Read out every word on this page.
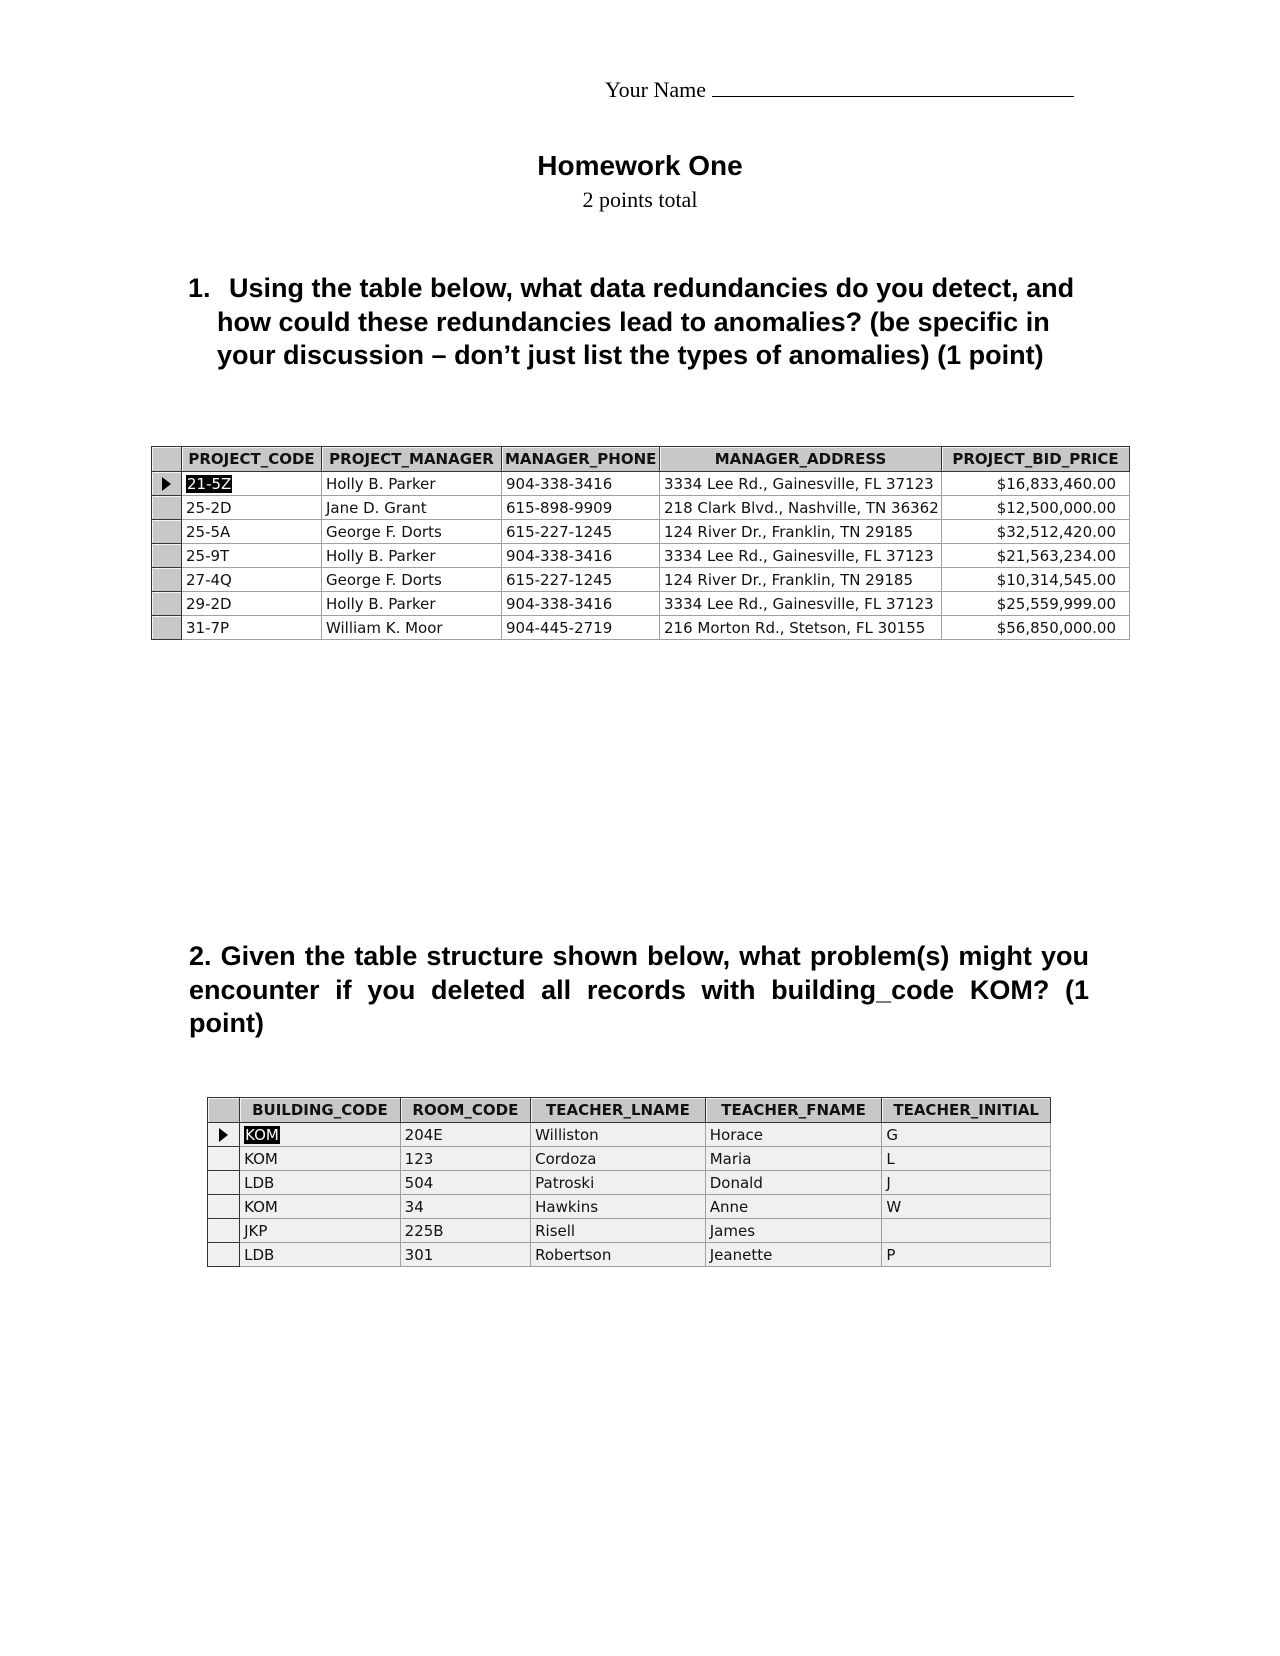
Your Name
Homework One
2 points total
1. Using the table below, what data redundancies do you detect, and how could these redundancies lead to anomalies? (be specific in your discussion – don’t just list the types of anomalies) (1 point)
	PROJECT_CODE	PROJECT_MANAGER	MANAGER_PHONE	MANAGER_ADDRESS	PROJECT_BID_PRICE
	21-5Z	Holly B. Parker	904-338-3416	3334 Lee Rd., Gainesville, FL 37123	$16,833,460.00
	25-2D	Jane D. Grant	615-898-9909	218 Clark Blvd., Nashville, TN 36362	$12,500,000.00
	25-5A	George F. Dorts	615-227-1245	124 River Dr., Franklin, TN 29185	$32,512,420.00
	25-9T	Holly B. Parker	904-338-3416	3334 Lee Rd., Gainesville, FL 37123	$21,563,234.00
	27-4Q	George F. Dorts	615-227-1245	124 River Dr., Franklin, TN 29185	$10,314,545.00
	29-2D	Holly B. Parker	904-338-3416	3334 Lee Rd., Gainesville, FL 37123	$25,559,999.00
	31-7P	William K. Moor	904-445-2719	216 Morton Rd., Stetson, FL 30155	$56,850,000.00
2. Given the table structure shown below, what problem(s) might you encounter if you deleted all records with building_code KOM? (1 point)
	BUILDING_CODE	ROOM_CODE	TEACHER_LNAME	TEACHER_FNAME	TEACHER_INITIAL
	KOM	204E	Williston	Horace	G
	KOM	123	Cordoza	Maria	L
	LDB	504	Patroski	Donald	J
	KOM	34	Hawkins	Anne	W
	JKP	225B	Risell	James	
	LDB	301	Robertson	Jeanette	P
